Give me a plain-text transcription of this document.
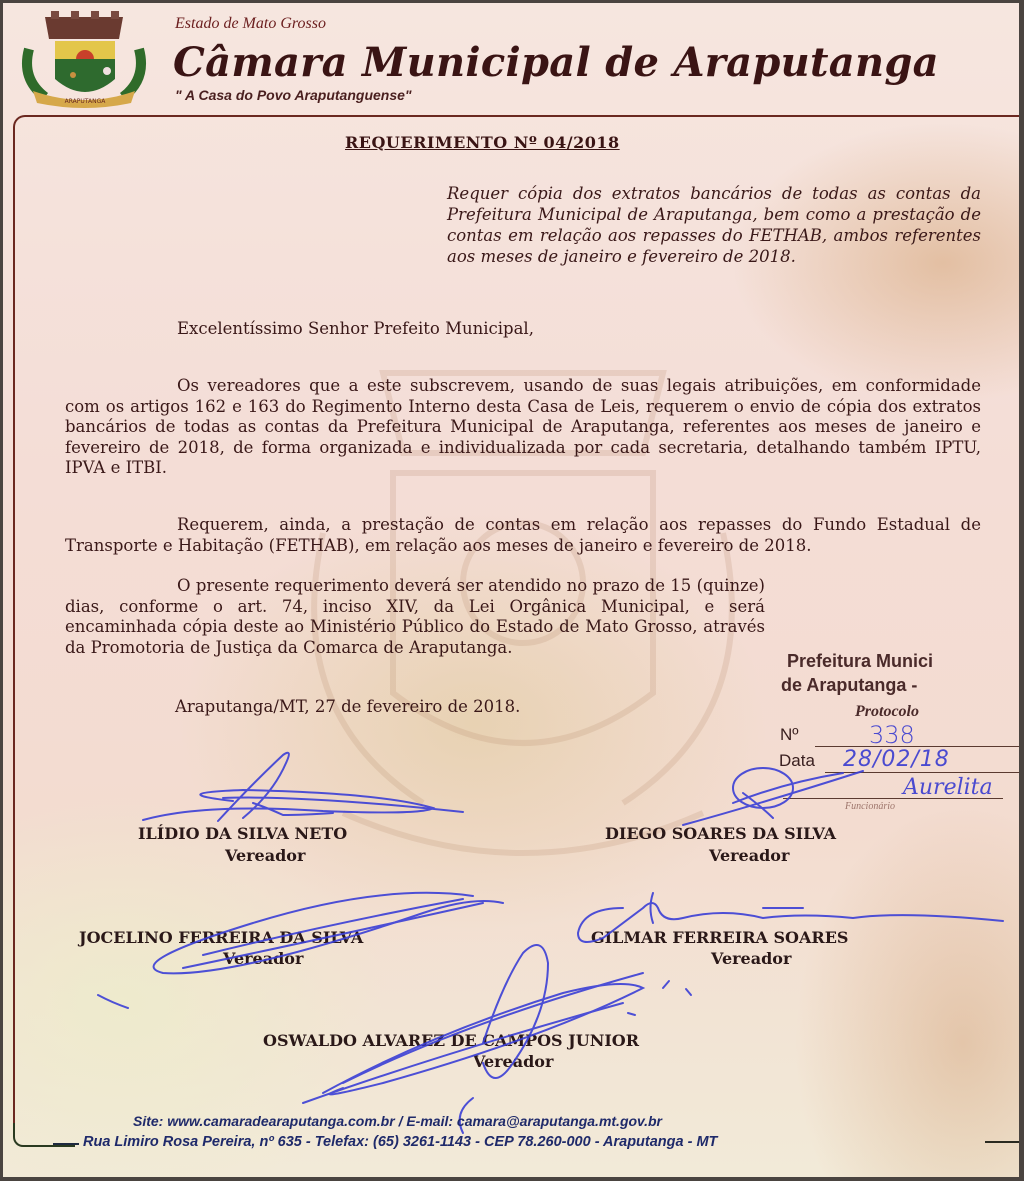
ARAPUTANGA
Estado de Mato Grosso
Câmara Municipal de Araputanga
" A Casa do Povo Araputanguense"
REQUERIMENTO Nº 04/2018
Requer cópia dos extratos bancários de todas as contas da Prefeitura Municipal de Araputanga, bem como a prestação de contas em relação aos repasses do FETHAB, ambos referentes aos meses de janeiro e fevereiro de 2018.
Excelentíssimo Senhor Prefeito Municipal,
Os vereadores que a este subscrevem, usando de suas legais atribuições, em conformidade com os artigos 162 e 163 do Regimento Interno desta Casa de Leis, requerem o envio de cópia dos extratos bancários de todas as contas da Prefeitura Municipal de Araputanga, referentes aos meses de janeiro e fevereiro de 2018, de forma organizada e individualizada por cada secretaria, detalhando também IPTU, IPVA e ITBI.
Requerem, ainda, a prestação de contas em relação aos repasses do Fundo Estadual de Transporte e Habitação (FETHAB), em relação aos meses de janeiro e fevereiro de 2018.
O presente requerimento deverá ser atendido no prazo de 15 (quinze) dias, conforme o art. 74, inciso XIV, da Lei Orgânica Municipal, e será encaminhada cópia deste ao Ministério Público do Estado de Mato Grosso, através da Promotoria de Justiça da Comarca de Araputanga.
Araputanga/MT, 27 de fevereiro de 2018.
Prefeitura Munici
de Araputanga -
Protocolo
Nº	338
Data 28/02/18
Aurelita
Funcionário
ILÍDIO DA SILVA NETO
Vereador
DIEGO SOARES DA SILVA
Vereador
JOCELINO FERREIRA DA SILVA
Vereador
GILMAR FERREIRA SOARES
Vereador
OSWALDO ALVAREZ DE CAMPOS JUNIOR
Vereador
Site: www.camaradearaputanga.com.br / E-mail: camara@araputanga.mt.gov.br
Rua Limiro Rosa Pereira, nº 635 - Telefax: (65) 3261-1143 - CEP 78.260-000 - Araputanga - MT
